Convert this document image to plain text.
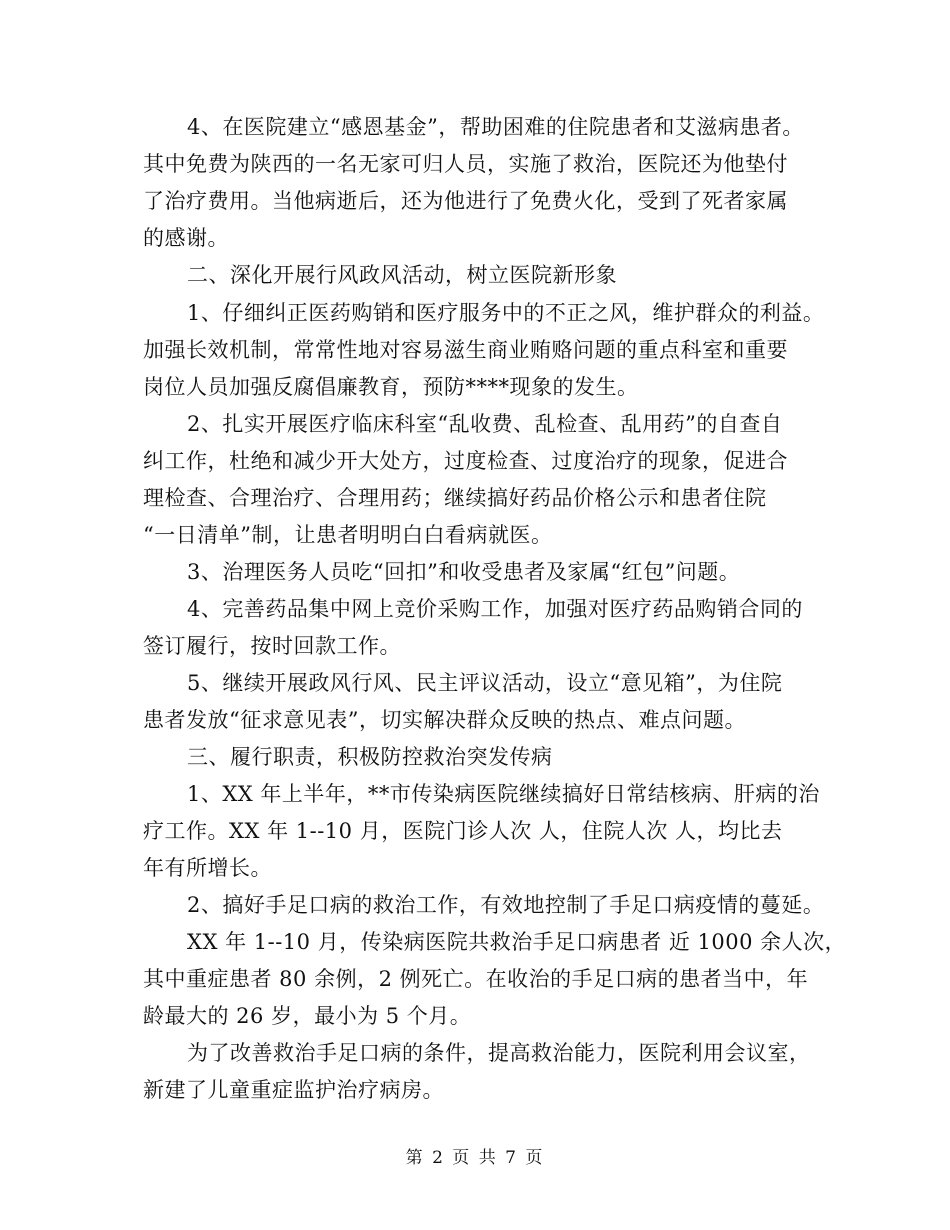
4、在医院建立“感恩基金”，帮助困难的住院患者和艾滋病患者。
其中免费为陕西的一名无家可归人员，实施了救治，医院还为他垫付
了治疗费用。当他病逝后，还为他进行了免费火化，受到了死者家属
的感谢。
二、深化开展行风政风活动，树立医院新形象
1、仔细纠正医药购销和医疗服务中的不正之风，维护群众的利益。
加强长效机制，常常性地对容易滋生商业贿赂问题的重点科室和重要
岗位人员加强反腐倡廉教育，预防****现象的发生。
2、扎实开展医疗临床科室“乱收费、乱检查、乱用药”的自查自
纠工作，杜绝和减少开大处方，过度检查、过度治疗的现象，促进合
理检查、合理治疗、合理用药；继续搞好药品价格公示和患者住院
“一日清单”制，让患者明明白白看病就医。
3、治理医务人员吃“回扣”和收受患者及家属“红包”问题。
4、完善药品集中网上竞价采购工作，加强对医疗药品购销合同的
签订履行，按时回款工作。
5、继续开展政风行风、民主评议活动，设立“意见箱”，为住院
患者发放“征求意见表”，切实解决群众反映的热点、难点问题。
三、履行职责，积极防控救治突发传病
1、XX 年上半年，**市传染病医院继续搞好日常结核病、肝病的治
疗工作。XX 年 1--10 月，医院门诊人次 人，住院人次 人，均比去
年有所增长。
2、搞好手足口病的救治工作，有效地控制了手足口病疫情的蔓延。
XX 年 1--10 月，传染病医院共救治手足口病患者 近 1000 余人次，
其中重症患者 80 余例，2 例死亡。在收治的手足口病的患者当中，年
龄最大的 26 岁，最小为 5 个月。
为了改善救治手足口病的条件，提高救治能力，医院利用会议室，
新建了儿童重症监护治疗病房。
第 2 页 共 7 页
